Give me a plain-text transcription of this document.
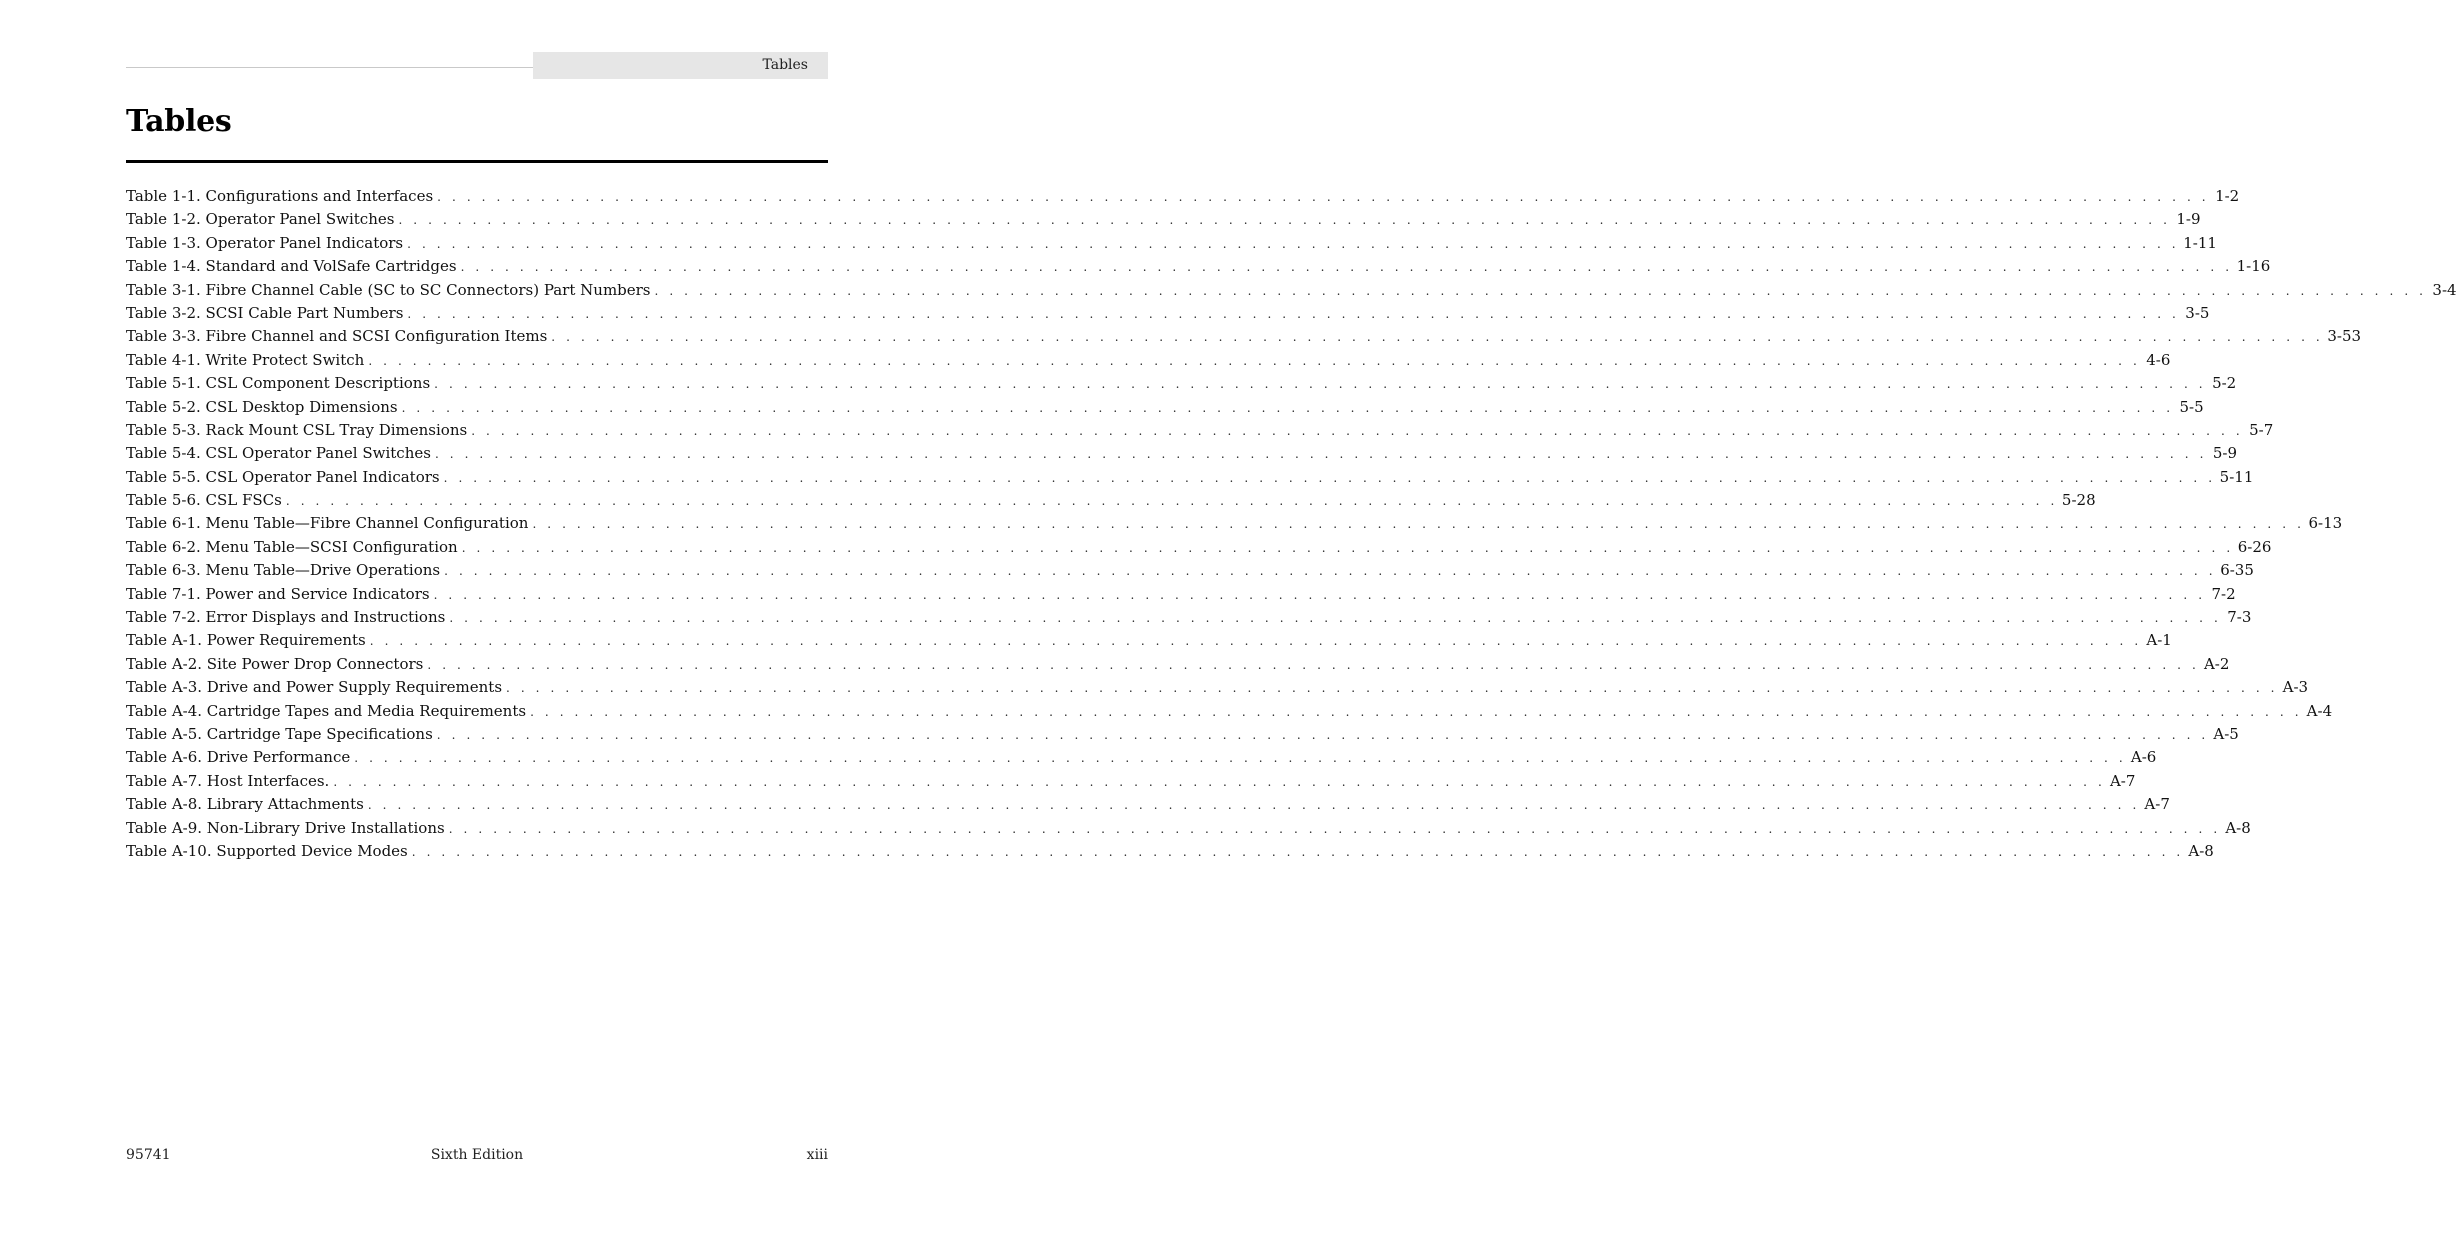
Tables
Tables
Table 1-1. Configurations and Interfaces . . . . . . . . . . . . . . . . . . . . . . . . . . . . . . . . . . . . . . . . . . . . . . . . . . . . . . . . . . . . . . . . . . . . . . . . . . . . . . . . . . . . . . . . . . . . . . . . . . . . . . . . . . . . . . . . . . . . . . . . 1-2
Table 1-2. Operator Panel Switches . . . . . . . . . . . . . . . . . . . . . . . . . . . . . . . . . . . . . . . . . . . . . . . . . . . . . . . . . . . . . . . . . . . . . . . . . . . . . . . . . . . . . . . . . . . . . . . . . . . . . . . . . . . . . . . . . . . . . . . . 1-9
Table 1-3. Operator Panel Indicators . . . . . . . . . . . . . . . . . . . . . . . . . . . . . . . . . . . . . . . . . . . . . . . . . . . . . . . . . . . . . . . . . . . . . . . . . . . . . . . . . . . . . . . . . . . . . . . . . . . . . . . . . . . . . . . . . . . . . . . . 1-11
Table 1-4. Standard and VolSafe Cartridges . . . . . . . . . . . . . . . . . . . . . . . . . . . . . . . . . . . . . . . . . . . . . . . . . . . . . . . . . . . . . . . . . . . . . . . . . . . . . . . . . . . . . . . . . . . . . . . . . . . . . . . . . . . . . . . . . . . . . . . . 1-16
Table 3-1. Fibre Channel Cable (SC to SC Connectors) Part Numbers . . . . . . . . . . . . . . . . . . . . . . . . . . . . . . . . . . . . . . . . . . . . . . . . . . . . . . . . . . . . . . . . . . . . . . . . . . . . . . . . . . . . . . . . . . . . . . . . . . . . . . . . . . . . . . . . . . . . . . . . 3-4
Table 3-2. SCSI Cable Part Numbers . . . . . . . . . . . . . . . . . . . . . . . . . . . . . . . . . . . . . . . . . . . . . . . . . . . . . . . . . . . . . . . . . . . . . . . . . . . . . . . . . . . . . . . . . . . . . . . . . . . . . . . . . . . . . . . . . . . . . . . . 3-5
Table 3-3. Fibre Channel and SCSI Configuration Items . . . . . . . . . . . . . . . . . . . . . . . . . . . . . . . . . . . . . . . . . . . . . . . . . . . . . . . . . . . . . . . . . . . . . . . . . . . . . . . . . . . . . . . . . . . . . . . . . . . . . . . . . . . . . . . . . . . . . . . . 3-53
Table 4-1. Write Protect Switch . . . . . . . . . . . . . . . . . . . . . . . . . . . . . . . . . . . . . . . . . . . . . . . . . . . . . . . . . . . . . . . . . . . . . . . . . . . . . . . . . . . . . . . . . . . . . . . . . . . . . . . . . . . . . . . . . . . . . . . . 4-6
Table 5-1. CSL Component Descriptions . . . . . . . . . . . . . . . . . . . . . . . . . . . . . . . . . . . . . . . . . . . . . . . . . . . . . . . . . . . . . . . . . . . . . . . . . . . . . . . . . . . . . . . . . . . . . . . . . . . . . . . . . . . . . . . . . . . . . . . . 5-2
Table 5-2. CSL Desktop Dimensions . . . . . . . . . . . . . . . . . . . . . . . . . . . . . . . . . . . . . . . . . . . . . . . . . . . . . . . . . . . . . . . . . . . . . . . . . . . . . . . . . . . . . . . . . . . . . . . . . . . . . . . . . . . . . . . . . . . . . . . . 5-5
Table 5-3. Rack Mount CSL Tray Dimensions . . . . . . . . . . . . . . . . . . . . . . . . . . . . . . . . . . . . . . . . . . . . . . . . . . . . . . . . . . . . . . . . . . . . . . . . . . . . . . . . . . . . . . . . . . . . . . . . . . . . . . . . . . . . . . . . . . . . . . . . 5-7
Table 5-4. CSL Operator Panel Switches . . . . . . . . . . . . . . . . . . . . . . . . . . . . . . . . . . . . . . . . . . . . . . . . . . . . . . . . . . . . . . . . . . . . . . . . . . . . . . . . . . . . . . . . . . . . . . . . . . . . . . . . . . . . . . . . . . . . . . . . 5-9
Table 5-5. CSL Operator Panel Indicators . . . . . . . . . . . . . . . . . . . . . . . . . . . . . . . . . . . . . . . . . . . . . . . . . . . . . . . . . . . . . . . . . . . . . . . . . . . . . . . . . . . . . . . . . . . . . . . . . . . . . . . . . . . . . . . . . . . . . . . . 5-11
Table 5-6. CSL FSCs . . . . . . . . . . . . . . . . . . . . . . . . . . . . . . . . . . . . . . . . . . . . . . . . . . . . . . . . . . . . . . . . . . . . . . . . . . . . . . . . . . . . . . . . . . . . . . . . . . . . . . . . . . . . . . . . . . . . . . . . 5-28
Table 6-1. Menu Table—Fibre Channel Configuration . . . . . . . . . . . . . . . . . . . . . . . . . . . . . . . . . . . . . . . . . . . . . . . . . . . . . . . . . . . . . . . . . . . . . . . . . . . . . . . . . . . . . . . . . . . . . . . . . . . . . . . . . . . . . . . . . . . . . . . . 6-13
Table 6-2. Menu Table—SCSI Configuration . . . . . . . . . . . . . . . . . . . . . . . . . . . . . . . . . . . . . . . . . . . . . . . . . . . . . . . . . . . . . . . . . . . . . . . . . . . . . . . . . . . . . . . . . . . . . . . . . . . . . . . . . . . . . . . . . . . . . . . . 6-26
Table 6-3. Menu Table—Drive Operations . . . . . . . . . . . . . . . . . . . . . . . . . . . . . . . . . . . . . . . . . . . . . . . . . . . . . . . . . . . . . . . . . . . . . . . . . . . . . . . . . . . . . . . . . . . . . . . . . . . . . . . . . . . . . . . . . . . . . . . . 6-35
Table 7-1. Power and Service Indicators . . . . . . . . . . . . . . . . . . . . . . . . . . . . . . . . . . . . . . . . . . . . . . . . . . . . . . . . . . . . . . . . . . . . . . . . . . . . . . . . . . . . . . . . . . . . . . . . . . . . . . . . . . . . . . . . . . . . . . . . 7-2
Table 7-2. Error Displays and Instructions . . . . . . . . . . . . . . . . . . . . . . . . . . . . . . . . . . . . . . . . . . . . . . . . . . . . . . . . . . . . . . . . . . . . . . . . . . . . . . . . . . . . . . . . . . . . . . . . . . . . . . . . . . . . . . . . . . . . . . . . 7-3
Table A-1. Power Requirements . . . . . . . . . . . . . . . . . . . . . . . . . . . . . . . . . . . . . . . . . . . . . . . . . . . . . . . . . . . . . . . . . . . . . . . . . . . . . . . . . . . . . . . . . . . . . . . . . . . . . . . . . . . . . . . . . . . . . . . . A-1
Table A-2. Site Power Drop Connectors . . . . . . . . . . . . . . . . . . . . . . . . . . . . . . . . . . . . . . . . . . . . . . . . . . . . . . . . . . . . . . . . . . . . . . . . . . . . . . . . . . . . . . . . . . . . . . . . . . . . . . . . . . . . . . . . . . . . . . . . A-2
Table A-3. Drive and Power Supply Requirements . . . . . . . . . . . . . . . . . . . . . . . . . . . . . . . . . . . . . . . . . . . . . . . . . . . . . . . . . . . . . . . . . . . . . . . . . . . . . . . . . . . . . . . . . . . . . . . . . . . . . . . . . . . . . . . . . . . . . . . . A-3
Table A-4. Cartridge Tapes and Media Requirements . . . . . . . . . . . . . . . . . . . . . . . . . . . . . . . . . . . . . . . . . . . . . . . . . . . . . . . . . . . . . . . . . . . . . . . . . . . . . . . . . . . . . . . . . . . . . . . . . . . . . . . . . . . . . . . . . . . . . . . . A-4
Table A-5. Cartridge Tape Specifications . . . . . . . . . . . . . . . . . . . . . . . . . . . . . . . . . . . . . . . . . . . . . . . . . . . . . . . . . . . . . . . . . . . . . . . . . . . . . . . . . . . . . . . . . . . . . . . . . . . . . . . . . . . . . . . . . . . . . . . . A-5
Table A-6. Drive Performance . . . . . . . . . . . . . . . . . . . . . . . . . . . . . . . . . . . . . . . . . . . . . . . . . . . . . . . . . . . . . . . . . . . . . . . . . . . . . . . . . . . . . . . . . . . . . . . . . . . . . . . . . . . . . . . . . . . . . . . . A-6
Table A-7. Host Interfaces. . . . . . . . . . . . . . . . . . . . . . . . . . . . . . . . . . . . . . . . . . . . . . . . . . . . . . . . . . . . . . . . . . . . . . . . . . . . . . . . . . . . . . . . . . . . . . . . . . . . . . . . . . . . . . . . . . . . . . . . . A-7
Table A-8. Library Attachments . . . . . . . . . . . . . . . . . . . . . . . . . . . . . . . . . . . . . . . . . . . . . . . . . . . . . . . . . . . . . . . . . . . . . . . . . . . . . . . . . . . . . . . . . . . . . . . . . . . . . . . . . . . . . . . . . . . . . . . . A-7
Table A-9. Non-Library Drive Installations . . . . . . . . . . . . . . . . . . . . . . . . . . . . . . . . . . . . . . . . . . . . . . . . . . . . . . . . . . . . . . . . . . . . . . . . . . . . . . . . . . . . . . . . . . . . . . . . . . . . . . . . . . . . . . . . . . . . . . . . A-8
Table A-10. Supported Device Modes . . . . . . . . . . . . . . . . . . . . . . . . . . . . . . . . . . . . . . . . . . . . . . . . . . . . . . . . . . . . . . . . . . . . . . . . . . . . . . . . . . . . . . . . . . . . . . . . . . . . . . . . . . . . . . . . . . . . . . . . A-8
95741	Sixth Edition	xiii
